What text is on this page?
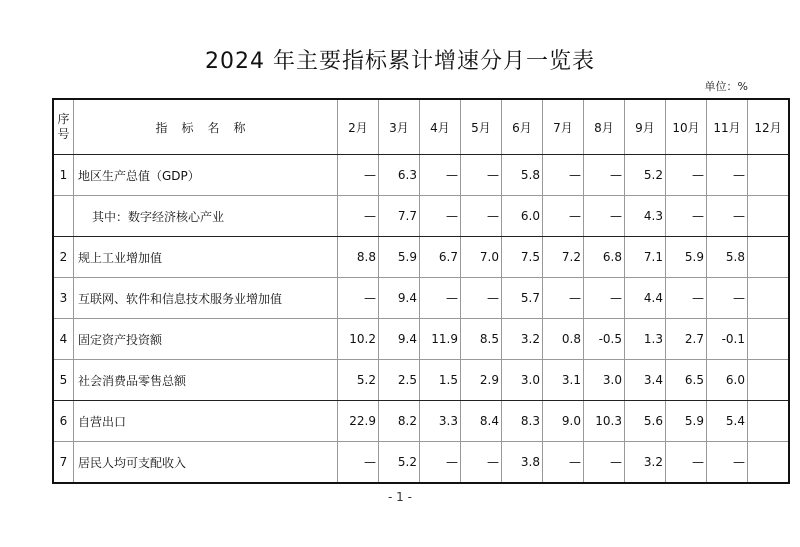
2024 年主要指标累计增速分月一览表
单位：%
序号	指标名称	2月	3月	4月	5月	6月	7月	8月	9月	10月	11月	12月
1	地区生产总值（GDP）	—	6.3	—	—	5.8	—	—	5.2	—	—	
	其中：数字经济核心产业	—	7.7	—	—	6.0	—	—	4.3	—	—	
2	规上工业增加值	8.8	5.9	6.7	7.0	7.5	7.2	6.8	7.1	5.9	5.8	
3	互联网、软件和信息技术服务业增加值	—	9.4	—	—	5.7	—	—	4.4	—	—	
4	固定资产投资额	10.2	9.4	11.9	8.5	3.2	0.8	-0.5	1.3	2.7	-0.1	
5	社会消费品零售总额	5.2	2.5	1.5	2.9	3.0	3.1	3.0	3.4	6.5	6.0	
6	自营出口	22.9	8.2	3.3	8.4	8.3	9.0	10.3	5.6	5.9	5.4	
7	居民人均可支配收入	—	5.2	—	—	3.8	—	—	3.2	—	—	
- 1 -
